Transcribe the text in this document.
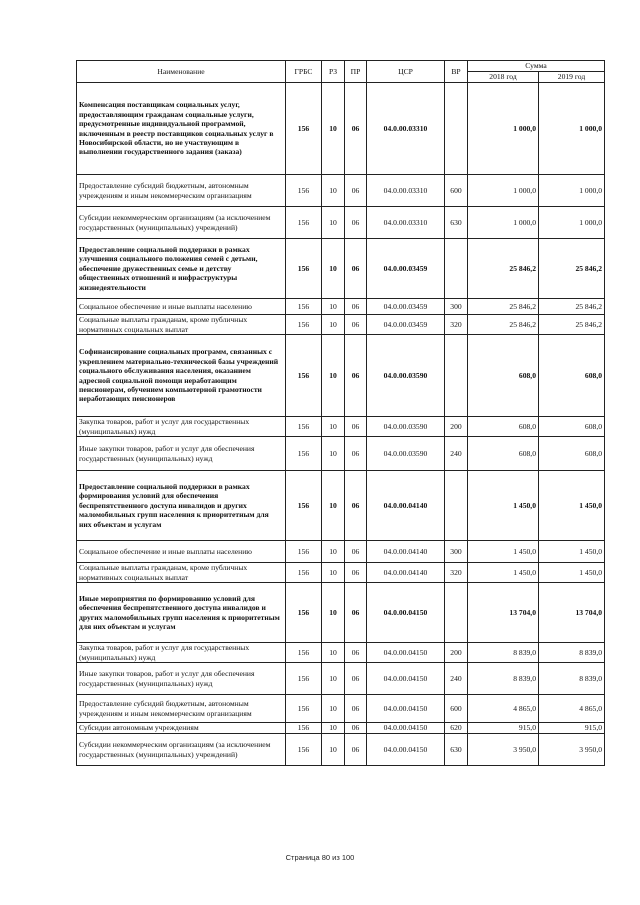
Наименование	ГРБС	РЗ	ПР	ЦСР	ВР	Сумма	
						2018 год	2019 год
Компенсация поставщикам социальных услуг, предоставляющим гражданам социальные услуги, предусмотренные индивидуальной программой, включенным в реестр поставщиков социальных услуг в Новосибирской области, но не участвующим в выполнении государственного задания (заказа)	156	10	06	04.0.00.03310		1 000,0	1 000,0
Предоставление субсидий бюджетным, автономным учреждениям и иным некоммерческим организациям	156	10	06	04.0.00.03310	600	1 000,0	1 000,0
Субсидии некоммерческим организациям (за исключением государственных (муниципальных) учреждений)	156	10	06	04.0.00.03310	630	1 000,0	1 000,0
Предоставление социальной поддержки в рамках улучшения социального положения семей с детьми, обеспечение дружественных семье и детству общественных отношений и инфраструктуры жизнедеятельности	156	10	06	04.0.00.03459		25 846,2	25 846,2
Социальное обеспечение и иные выплаты населению	156	10	06	04.0.00.03459	300	25 846,2	25 846,2
Социальные выплаты гражданам, кроме публичных нормативных социальных выплат	156	10	06	04.0.00.03459	320	25 846,2	25 846,2
Софинансирование социальных программ, связанных с укреплением материально-технической базы учреждений социального обслуживания населения, оказанием адресной социальной помощи неработающим пенсионерам, обучением компьютерной грамотности неработающих пенсионеров	156	10	06	04.0.00.03590		608,0	608,0
Закупка товаров, работ и услуг для государственных (муниципальных) нужд	156	10	06	04.0.00.03590	200	608,0	608,0
Иные закупки товаров, работ и услуг для обеспечения государственных (муниципальных) нужд	156	10	06	04.0.00.03590	240	608,0	608,0
Предоставление социальной поддержки в рамках формирования условий для обеспечения беспрепятственного доступа инвалидов и других маломобильных групп населения к приоритетным для них объектам и услугам	156	10	06	04.0.00.04140		1 450,0	1 450,0
Социальное обеспечение и иные выплаты населению	156	10	06	04.0.00.04140	300	1 450,0	1 450,0
Социальные выплаты гражданам, кроме публичных нормативных социальных выплат	156	10	06	04.0.00.04140	320	1 450,0	1 450,0
Иные мероприятия по формированию условий для обеспечения беспрепятственного доступа инвалидов и других маломобильных групп населения к приоритетным для них объектам и услугам	156	10	06	04.0.00.04150		13 704,0	13 704,0
Закупка товаров, работ и услуг для государственных (муниципальных) нужд	156	10	06	04.0.00.04150	200	8 839,0	8 839,0
Иные закупки товаров, работ и услуг для обеспечения государственных (муниципальных) нужд	156	10	06	04.0.00.04150	240	8 839,0	8 839,0
Предоставление субсидий бюджетным, автономным учреждениям и иным некоммерческим организациям	156	10	06	04.0.00.04150	600	4 865,0	4 865,0
Субсидии автономным учреждениям	156	10	06	04.0.00.04150	620	915,0	915,0
Субсидии некоммерческим организациям (за исключением государственных (муниципальных) учреждений)	156	10	06	04.0.00.04150	630	3 950,0	3 950,0
Страница 80 из 100
